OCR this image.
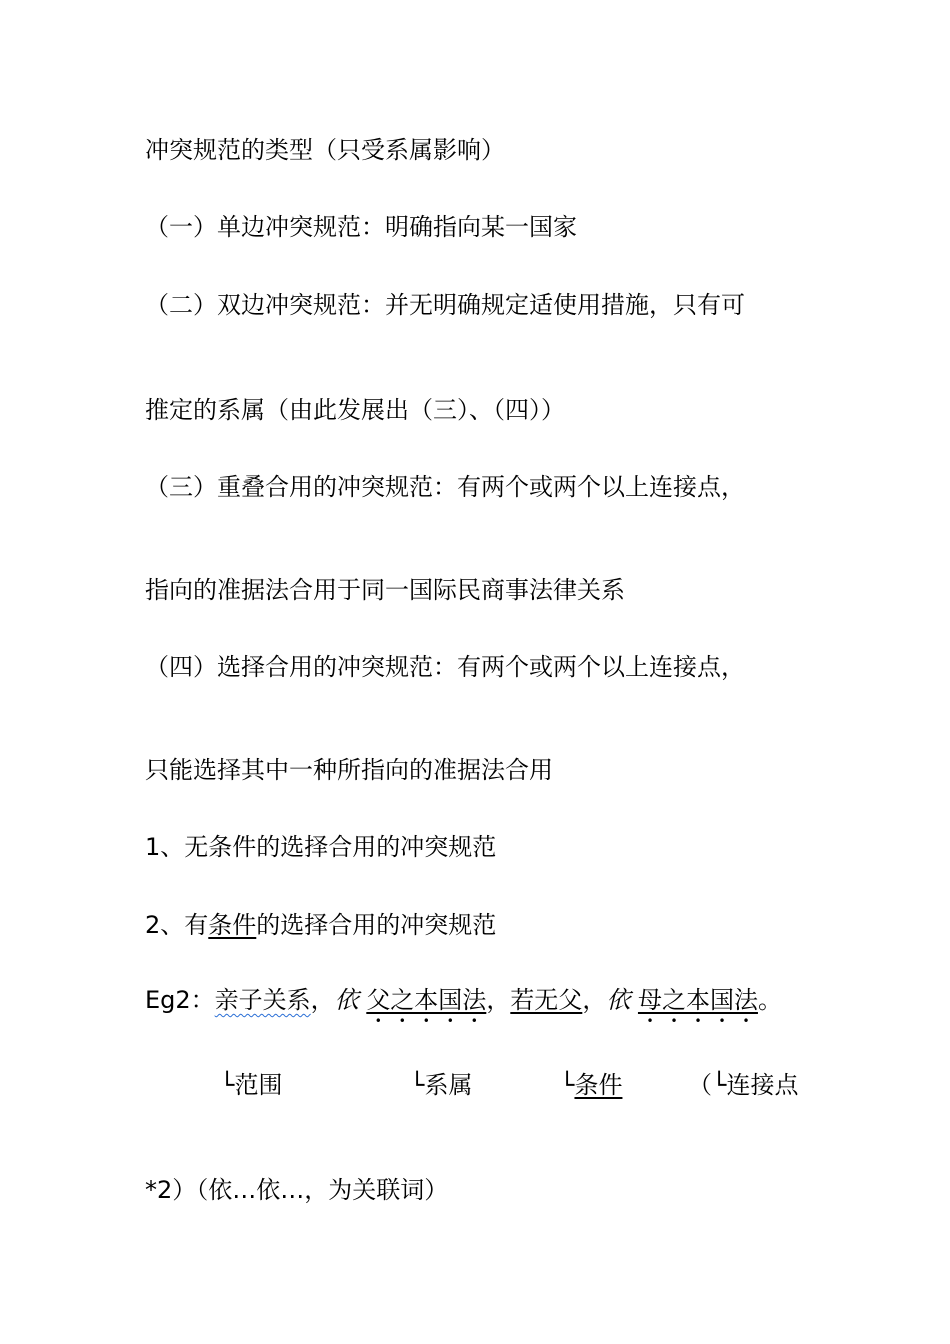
冲突规范的类型（只受系属影响）
（一）单边冲突规范：明确指向某一国家
（二）双边冲突规范：并无明确规定适使用措施，只有可
推定的系属（由此发展出（三）、（四））
（三）重叠合用的冲突规范：有两个或两个以上连接点，
指向的准据法合用于同一国际民商事法律关系
（四）选择合用的冲突规范：有两个或两个以上连接点，
只能选择其中一种所指向的准据法合用
1、无条件的选择合用的冲突规范
2、有条件的选择合用的冲突规范
Eg2：亲子关系，依 父之本国法，若无父，依 母之本国法。
└范围	└系属	└条件	（└连接点
*2）（依…依…，为关联词）
